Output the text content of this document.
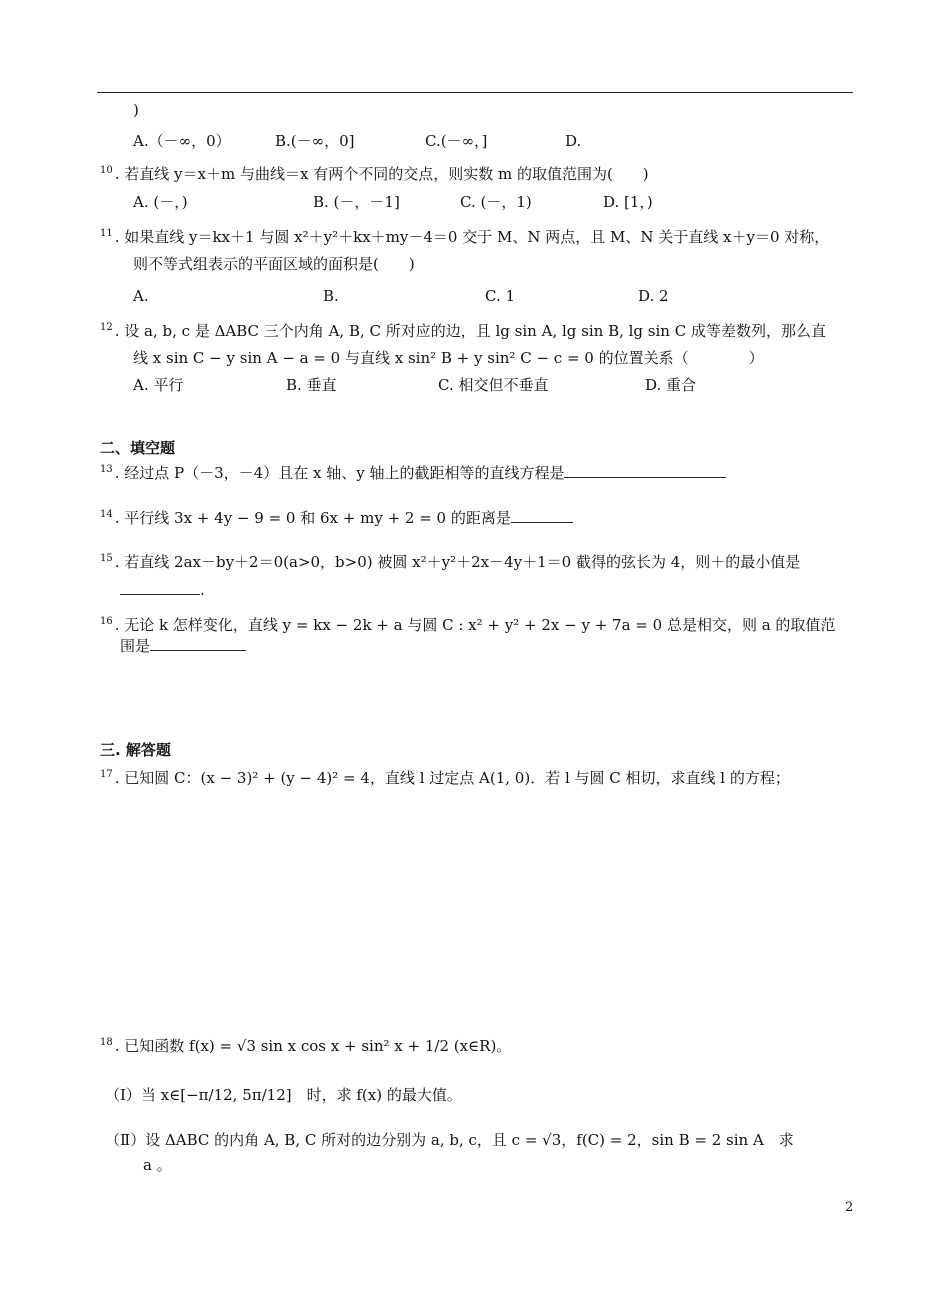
)
A.（－∞，0）	B.(－∞，0]	C.(－∞，]	D.
$^{10}$ . 若直线 y＝x＋m 与曲线＝x 有两个不同的交点，则实数 m 的取值范围为(　　)
A. (－，)	B. (－，－1]	C. (－，1)	D. [1，)
$^{11}$ . 如果直线 y＝kx＋1 与圆 x²＋y²＋kx＋my－4＝0 交于 M、N 两点，且 M、N 关于直线 x＋y＝0 对称，
则不等式组表示的平面区域的面积是(　　)
A.	B.	C. 1	D. 2
$^{12}$ . 设 a, b, c 是 ΔABC 三个内角 A, B, C 所对应的边，且 lg sin A, lg sin B, lg sin C 成等差数列，那么直
线 x sin C − y sin A − a = 0 与直线 x sin² B + y sin² C − c = 0 的位置关系（　　　　）
A. 平行	B. 垂直	C. 相交但不垂直	D. 重合
二、填空题
$^{13}$ . 经过点 P（－3，－4）且在 x 轴、y 轴上的截距相等的直线方程是
$^{14}$ . 平行线 3x + 4y − 9 = 0 和 6x + my + 2 = 0 的距离是
$^{15}$ . 若直线 2ax－by＋2＝0(a>0，b>0) 被圆 x²＋y²＋2x－4y＋1＝0 截得的弦长为 4，则＋的最小值是
.
$^{16}$ . 无论 k 怎样变化，直线 y = kx − 2k + a 与圆 C : x² + y² + 2x − y + 7a = 0 总是相交，则 a 的取值范
围是
三. 解答题
$^{17}$ . 已知圆 C：(x − 3)² + (y − 4)² = 4，直线 l 过定点 A(1, 0)．若 l 与圆 C 相切，求直线 l 的方程；
$^{18}$ . 已知函数 f(x) = √3 sin x cos x + sin² x + 1/2 (x∈R)。
（Ⅰ）当 x∈[−π/12, 5π/12]　时，求 f(x) 的最大值。
（Ⅱ）设 ΔABC 的内角 A, B, C 所对的边分别为 a, b, c，且 c = √3，f(C) = 2，sin B = 2 sin A　求
a 。
2
